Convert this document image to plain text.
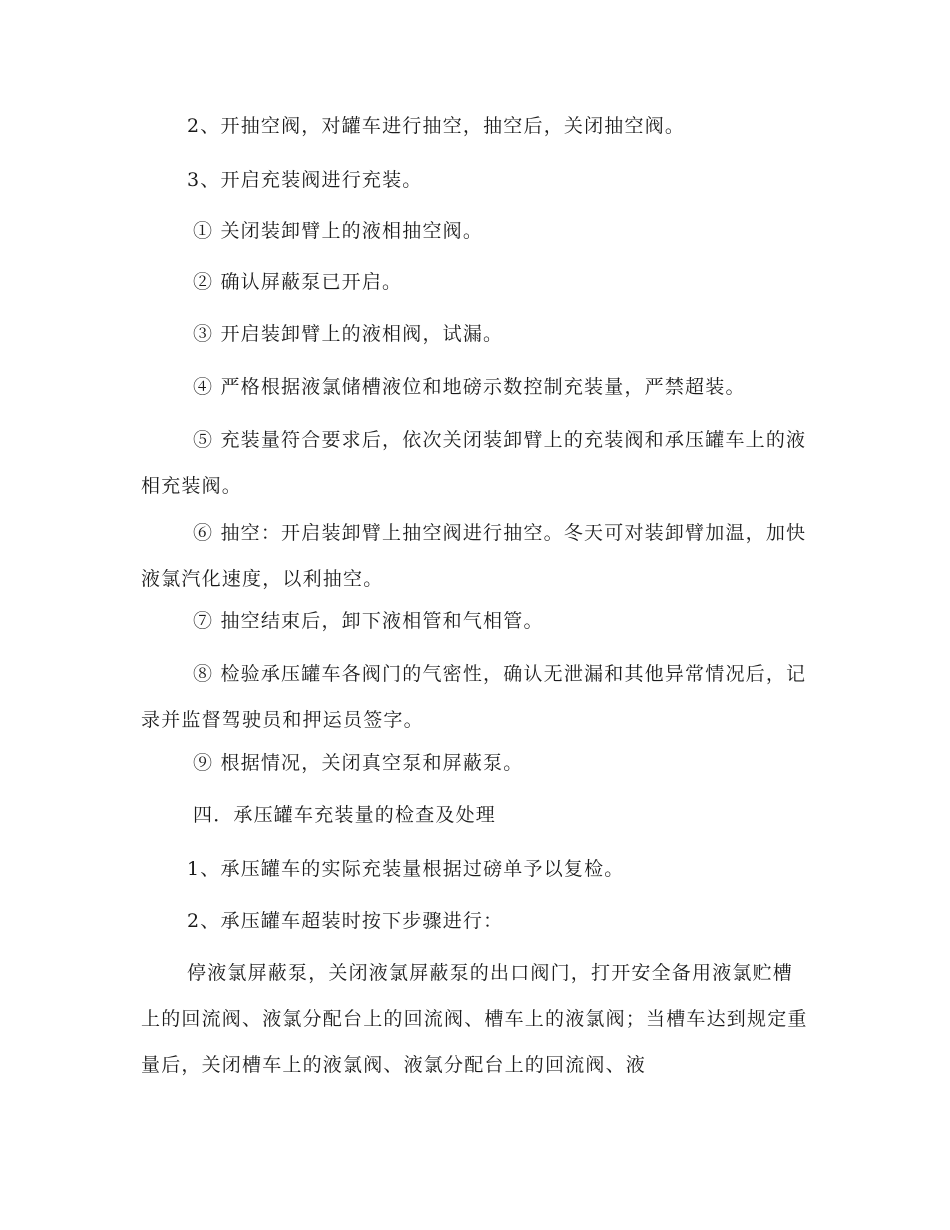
2、开抽空阀，对罐车进行抽空，抽空后，关闭抽空阀。

3、开启充装阀进行充装。

① 关闭装卸臂上的液相抽空阀。

② 确认屏蔽泵已开启。

③ 开启装卸臂上的液相阀，试漏。

④ 严格根据液氯储槽液位和地磅示数控制充装量，严禁超装。

⑤ 充装量符合要求后，依次关闭装卸臂上的充装阀和承压罐车上的液相充装阀。

⑥ 抽空：开启装卸臂上抽空阀进行抽空。冬天可对装卸臂加温，加快液氯汽化速度，以利抽空。

⑦ 抽空结束后，卸下液相管和气相管。

⑧ 检验承压罐车各阀门的气密性，确认无泄漏和其他异常情况后，记录并监督驾驶员和押运员签字。

⑨ 根据情况，关闭真空泵和屏蔽泵。

四．承压罐车充装量的检查及处理

1、承压罐车的实际充装量根据过磅单予以复检。

2、承压罐车超装时按下步骤进行：

停液氯屏蔽泵，关闭液氯屏蔽泵的出口阀门，打开安全备用液氯贮槽上的回流阀、液氯分配台上的回流阀、槽车上的液氯阀；当槽车达到规定重量后，关闭槽车上的液氯阀、液氯分配台上的回流阀、液
